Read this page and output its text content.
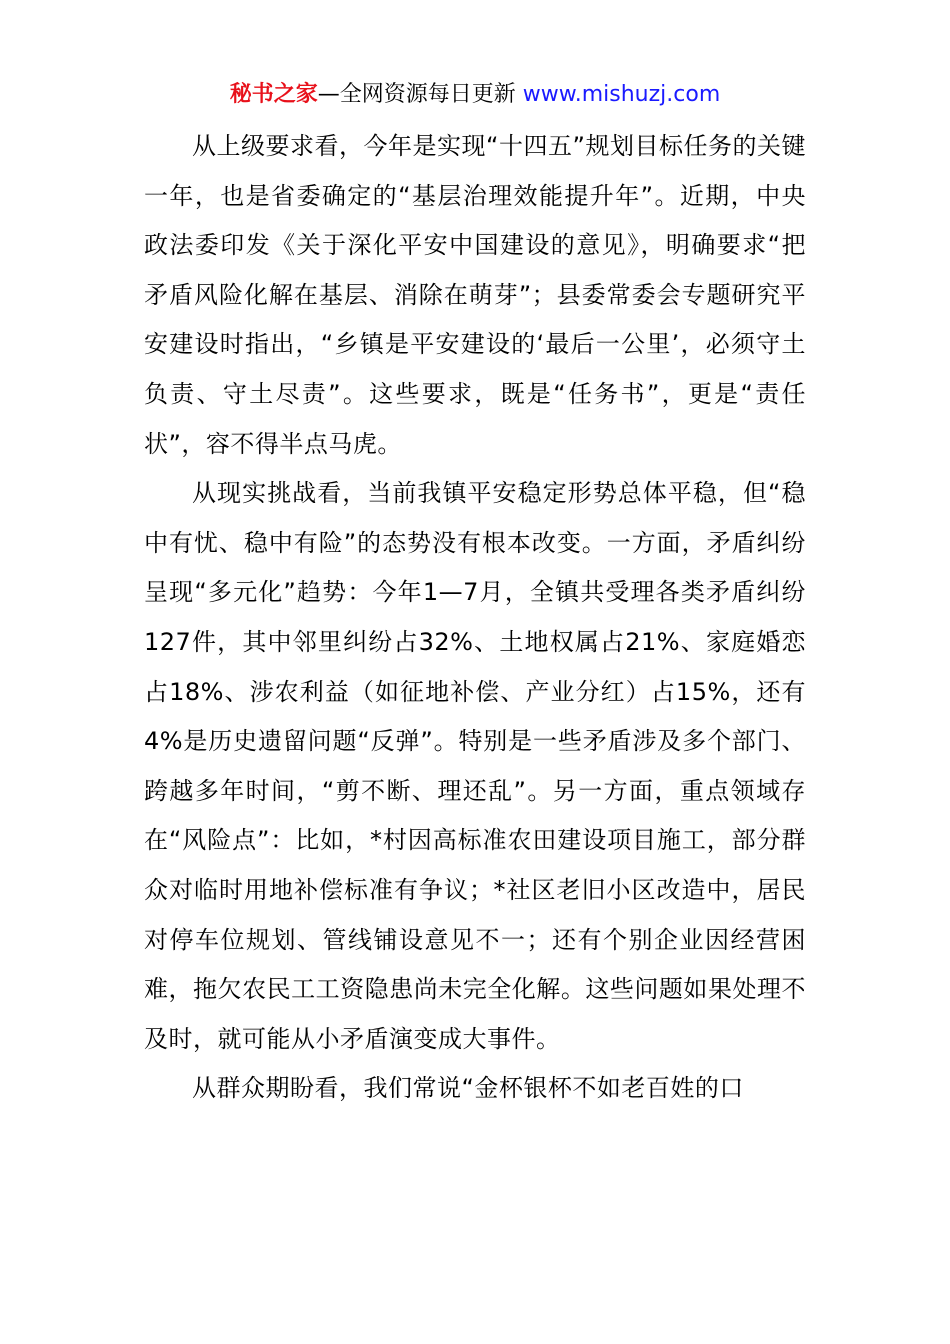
秘书之家—全网资源每日更新 www.mishuzj.com

从上级要求看，今年是实现“十四五”规划目标任务的关键一年，也是省委确定的“基层治理效能提升年”。近期，中央政法委印发《关于深化平安中国建设的意见》，明确要求“把矛盾风险化解在基层、消除在萌芽”；县委常委会专题研究平安建设时指出，“乡镇是平安建设的‘最后一公里’，必须守土负责、守土尽责”。这些要求，既是“任务书”，更是“责任状”，容不得半点马虎。

从现实挑战看，当前我镇平安稳定形势总体平稳，但“稳中有忧、稳中有险”的态势没有根本改变。一方面，矛盾纠纷呈现“多元化”趋势：今年1—7月，全镇共受理各类矛盾纠纷127件，其中邻里纠纷占32%、土地权属占21%、家庭婚恋占18%、涉农利益（如征地补偿、产业分红）占15%，还有4%是历史遗留问题“反弹”。特别是一些矛盾涉及多个部门、跨越多年时间，“剪不断、理还乱”。另一方面，重点领域存在“风险点”：比如，*村因高标准农田建设项目施工，部分群众对临时用地补偿标准有争议；*社区老旧小区改造中，居民对停车位规划、管线铺设意见不一；还有个别企业因经营困难，拖欠农民工工资隐患尚未完全化解。这些问题如果处理不及时，就可能从小矛盾演变成大事件。

从群众期盼看，我们常说“金杯银杯不如老百姓的口
